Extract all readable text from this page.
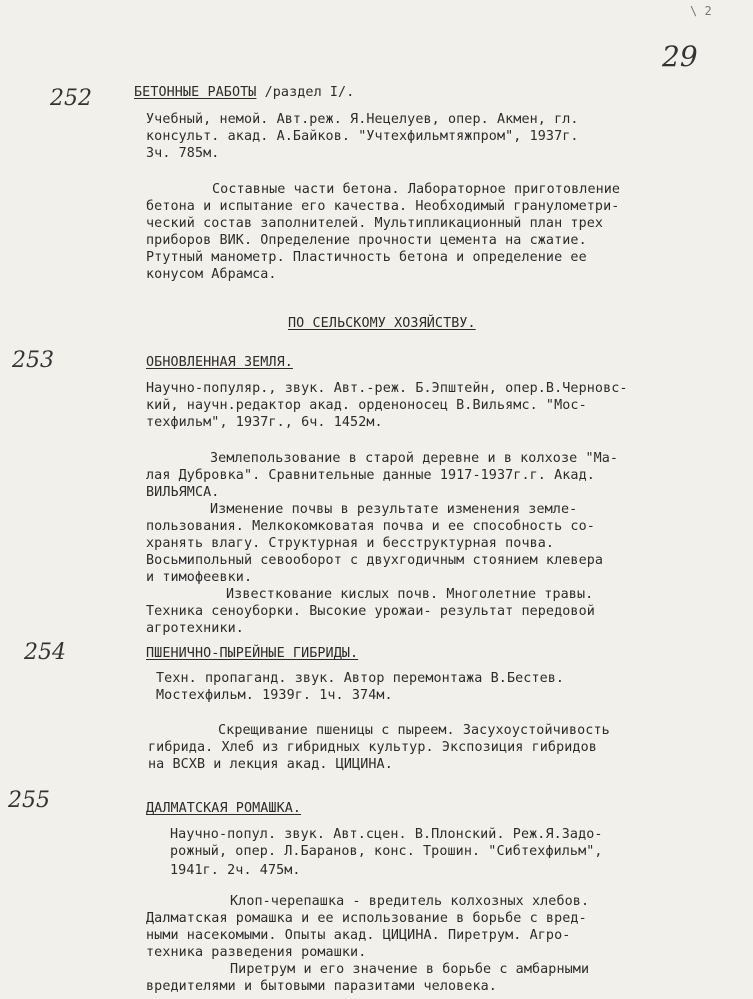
\ 2
29
252	БЕТОННЫЕ РАБОТЫ /раздел I/.
Учебный, немой. Авт.реж. Я.Нецелуев, опер. Акмен, гл.
консульт. акад. А.Байков. "Учтехфильмтяжпром", 1937г.
3ч. 785м.
Составные части бетона. Лабораторное приготовление
бетона и испытание его качества. Необходимый гранулометри-
ческий состав заполнителей. Мультипликационный план трех
приборов ВИК. Определение прочности цемента на сжатие.
Ртутный манометр. Пластичность бетона и определение ее
конусом Абрамса.
ПО СЕЛЬСКОМУ ХОЗЯЙСТВУ.
253	ОБНОВЛЕННАЯ ЗЕМЛЯ.
Научно-популяр., звук. Авт.-реж. Б.Эпштейн, опер.В.Черновс-
кий, научн.редактор акад. орденоносец В.Вильямс. "Мос-
техфильм", 1937г., 6ч. 1452м.
Землепользование в старой деревне и в колхозе "Ма-
лая Дубровка". Сравнительные данные 1917-1937г.г. Акад.
ВИЛЬЯМСА.
Изменение почвы в результате изменения земле-
пользования. Мелкокомковатая почва и ее способность со-
хранять влагу. Структурная и бесструктурная почва.
Восьмипольный севооборот с двухгодичным стоянием клевера
и тимофеевки.
Известкование кислых почв. Многолетние травы.
Техника сеноуборки. Высокие урожаи- результат передовой
агротехники.
254	ПШЕНИЧНО-ПЫРЕЙНЫЕ ГИБРИДЫ.
Техн. пропаганд. звук. Автор перемонтажа В.Бестев.
Мостехфильм. 1939г. 1ч. 374м.
Скрещивание пшеницы с пыреем. Засухоустойчивость
гибрида. Хлеб из гибридных культур. Экспозиция гибридов
на ВСХВ и лекция акад. ЦИЦИНА.
255	ДАЛМАТСКАЯ РОМАШКА.
Научно-попул. звук. Авт.сцен. В.Плонский. Реж.Я.Задо-
рожный, опер. Л.Баранов, конс. Трошин. "Сибтехфильм",
1941г. 2ч. 475м.
Клоп-черепашка - вредитель колхозных хлебов.
Далматская ромашка и ее использование в борьбе с вред-
ными насекомыми. Опыты акад. ЦИЦИНА. Пиретрум. Агро-
техника разведения ромашки.
Пиретрум и его значение в борьбе с амбарными
вредителями и бытовыми паразитами человека.
